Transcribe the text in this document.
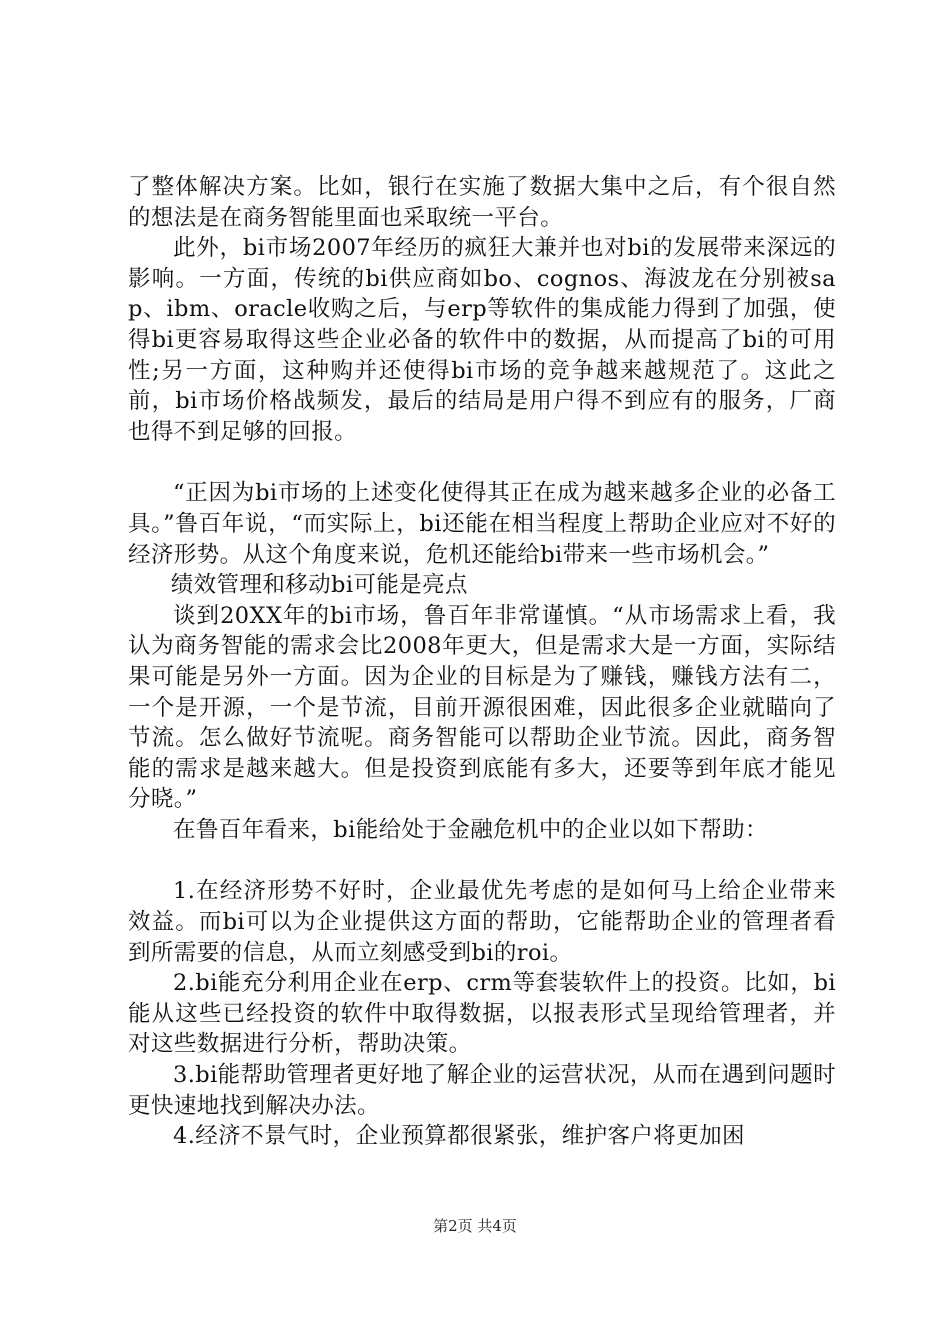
了整体解决方案。比如，银行在实施了数据大集中之后，有个很自然的想法是在商务智能里面也采取统一平台。

此外，bi市场2007年经历的疯狂大兼并也对bi的发展带来深远的影响。一方面，传统的bi供应商如bo、cognos、海波龙在分别被sap、ibm、oracle收购之后，与erp等软件的集成能力得到了加强，使得bi更容易取得这些企业必备的软件中的数据，从而提高了bi的可用性;另一方面，这种购并还使得bi市场的竞争越来越规范了。这此之前，bi市场价格战频发，最后的结局是用户得不到应有的服务，厂商也得不到足够的回报。

“正因为bi市场的上述变化使得其正在成为越来越多企业的必备工具。”鲁百年说，“而实际上，bi还能在相当程度上帮助企业应对不好的经济形势。从这个角度来说，危机还能给bi带来一些市场机会。”

绩效管理和移动bi可能是亮点

谈到20XX年的bi市场，鲁百年非常谨慎。“从市场需求上看，我认为商务智能的需求会比2008年更大，但是需求大是一方面，实际结果可能是另外一方面。因为企业的目标是为了赚钱，赚钱方法有二，一个是开源，一个是节流，目前开源很困难，因此很多企业就瞄向了节流。怎么做好节流呢。商务智能可以帮助企业节流。因此，商务智能的需求是越来越大。但是投资到底能有多大，还要等到年底才能见分晓。”

在鲁百年看来，bi能给处于金融危机中的企业以如下帮助：

1.在经济形势不好时，企业最优先考虑的是如何马上给企业带来效益。而bi可以为企业提供这方面的帮助，它能帮助企业的管理者看到所需要的信息，从而立刻感受到bi的roi。

2.bi能充分利用企业在erp、crm等套装软件上的投资。比如，bi能从这些已经投资的软件中取得数据，以报表形式呈现给管理者，并对这些数据进行分析，帮助决策。

3.bi能帮助管理者更好地了解企业的运营状况，从而在遇到问题时更快速地找到解决办法。

4.经济不景气时，企业预算都很紧张，维护客户将更加困

第2页 共4页
